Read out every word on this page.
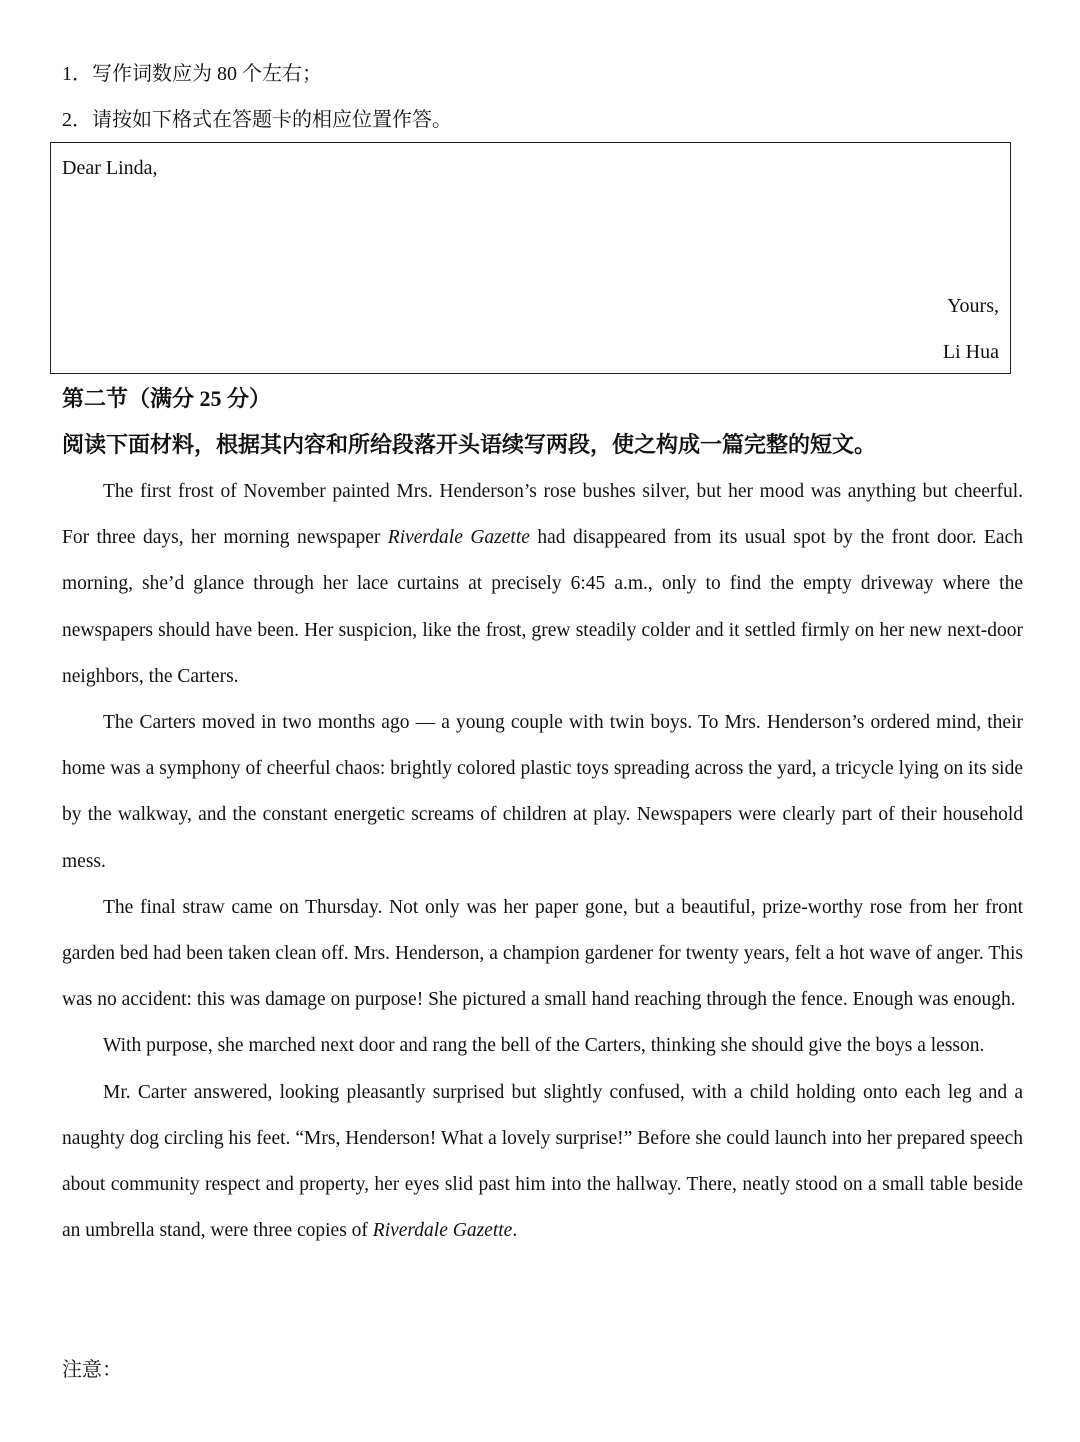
1．写作词数应为 80 个左右；
2．请按如下格式在答题卡的相应位置作答。
Dear Linda,
Yours,
Li Hua
第二节（满分 25 分）
阅读下面材料，根据其内容和所给段落开头语续写两段，使之构成一篇完整的短文。

The first frost of November painted Mrs. Henderson’s rose bushes silver, but her mood was anything but cheerful. For three days, her morning newspaper Riverdale Gazette had disappeared from its usual spot by the front door. Each morning, she’d glance through her lace curtains at precisely 6:45 a.m., only to find the empty driveway where the newspapers should have been. Her suspicion, like the frost, grew steadily colder and it settled firmly on her new next-door neighbors, the Carters.

The Carters moved in two months ago — a young couple with twin boys. To Mrs. Henderson’s ordered mind, their home was a symphony of cheerful chaos: brightly colored plastic toys spreading across the yard, a tricycle lying on its side by the walkway, and the constant energetic screams of children at play. Newspapers were clearly part of their household mess.

The final straw came on Thursday. Not only was her paper gone, but a beautiful, prize-worthy rose from her front garden bed had been taken clean off. Mrs. Henderson, a champion gardener for twenty years, felt a hot wave of anger. This was no accident: this was damage on purpose! She pictured a small hand reaching through the fence. Enough was enough.

With purpose, she marched next door and rang the bell of the Carters, thinking she should give the boys a lesson.

Mr. Carter answered, looking pleasantly surprised but slightly confused, with a child holding onto each leg and a naughty dog circling his feet. “Mrs, Henderson! What a lovely surprise!” Before she could launch into her prepared speech about community respect and property, her eyes slid past him into the hallway. There, neatly stood on a small table beside an umbrella stand, were three copies of Riverdale Gazette.

注意：
